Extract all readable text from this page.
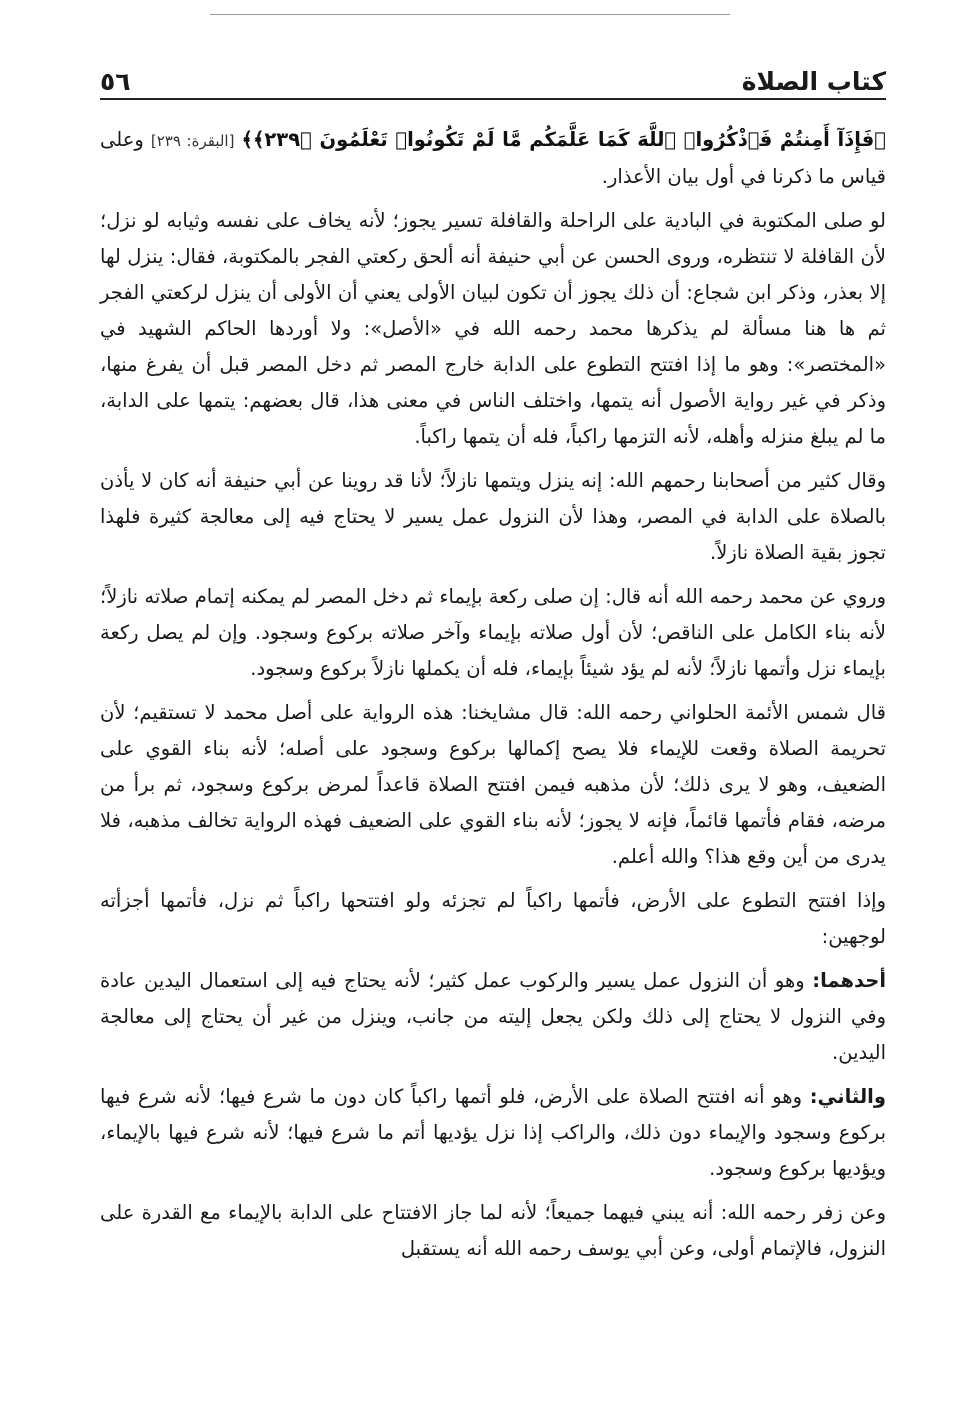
كتاب الصلاة
٥٦

﴿فَإِذَآ أَمِنتُمْ فَٱذْكُرُوا۟ ٱللَّهَ كَمَا عَلَّمَكُم مَّا لَمْ تَكُونُوا۟ تَعْلَمُونَ ﴿٢٣٩﴾﴾ [البقرة: ٢٣٩] وعلى قياس ما ذكرنا في أول بيان الأعذار.

لو صلى المكتوبة في البادية على الراحلة والقافلة تسير يجوز؛ لأنه يخاف على نفسه وثيابه لو نزل؛ لأن القافلة لا تنتظره، وروى الحسن عن أبي حنيفة أنه ألحق ركعتي الفجر بالمكتوبة، فقال: ينزل لها إلا بعذر، وذكر ابن شجاع: أن ذلك يجوز أن تكون لبيان الأولى يعني أن الأولى أن ينزل لركعتي الفجر ثم ها هنا مسألة لم يذكرها محمد رحمه الله في «الأصل»: ولا أوردها الحاكم الشهيد في «المختصر»: وهو ما إذا افتتح التطوع على الدابة خارج المصر ثم دخل المصر قبل أن يفرغ منها، وذكر في غير رواية الأصول أنه يتمها، واختلف الناس في معنى هذا، قال بعضهم: يتمها على الدابة، ما لم يبلغ منزله وأهله، لأنه التزمها راكباً، فله أن يتمها راكباً.

وقال كثير من أصحابنا رحمهم الله: إنه ينزل ويتمها نازلاً؛ لأنا قد روينا عن أبي حنيفة أنه كان لا يأذن بالصلاة على الدابة في المصر، وهذا لأن النزول عمل يسير لا يحتاج فيه إلى معالجة كثيرة فلهذا تجوز بقية الصلاة نازلاً.

وروي عن محمد رحمه الله أنه قال: إن صلى ركعة بإيماء ثم دخل المصر لم يمكنه إتمام صلاته نازلاً؛ لأنه بناء الكامل على الناقص؛ لأن أول صلاته بإيماء وآخر صلاته بركوع وسجود. وإن لم يصل ركعة بإيماء نزل وأتمها نازلاً؛ لأنه لم يؤد شيئاً بإيماء، فله أن يكملها نازلاً بركوع وسجود.

قال شمس الأئمة الحلواني رحمه الله: قال مشايخنا: هذه الرواية على أصل محمد لا تستقيم؛ لأن تحريمة الصلاة وقعت للإيماء فلا يصح إكمالها بركوع وسجود على أصله؛ لأنه بناء القوي على الضعيف، وهو لا يرى ذلك؛ لأن مذهبه فيمن افتتح الصلاة قاعداً لمرض بركوع وسجود، ثم برأ من مرضه، فقام فأتمها قائماً، فإنه لا يجوز؛ لأنه بناء القوي على الضعيف فهذه الرواية تخالف مذهبه، فلا يدرى من أين وقع هذا؟ والله أعلم.

وإذا افتتح التطوع على الأرض، فأتمها راكباً لم تجزئه ولو افتتحها راكباً ثم نزل، فأتمها أجزأته لوجهين:

أحدهما: وهو أن النزول عمل يسير والركوب عمل كثير؛ لأنه يحتاج فيه إلى استعمال اليدين عادة وفي النزول لا يحتاج إلى ذلك ولكن يجعل إليته من جانب، وينزل من غير أن يحتاج إلى معالجة اليدين.

والثاني: وهو أنه افتتح الصلاة على الأرض، فلو أتمها راكباً كان دون ما شرع فيها؛ لأنه شرع فيها بركوع وسجود والإيماء دون ذلك، والراكب إذا نزل يؤديها أتم ما شرع فيها؛ لأنه شرع فيها بالإيماء، ويؤديها بركوع وسجود.

وعن زفر رحمه الله: أنه يبني فيهما جميعاً؛ لأنه لما جاز الافتتاح على الدابة بالإيماء مع القدرة على النزول، فالإتمام أولى، وعن أبي يوسف رحمه الله أنه يستقبل
